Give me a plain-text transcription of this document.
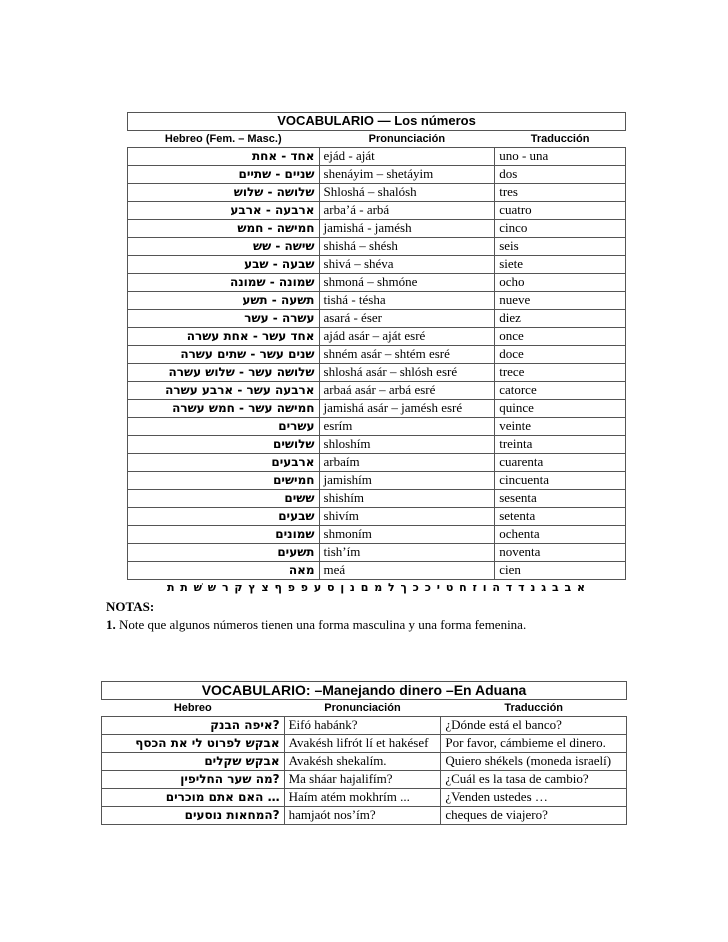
VOCABULARIO — Los números		
Hebreo (Fem. – Masc.)	Pronunciación	Traducción
אחד - אחת	ejád - aját	uno - una
שניים - שתיים	shenáyim – shetáyim	dos
שלושה - שלוש	Shloshá – shalósh	tres
ארבעה - ארבע	arba’á - arbá	cuatro
חמישה - חמש	jamishá - jamésh	cinco
שישה - שש	shishá – shésh	seis
שבעה - שבע	shivá – shéva	siete
שמונה - שמונה	shmoná – shmóne	ocho
תשעה - תשע	tishá - tésha	nueve
עשרה - עשר	asará - éser	diez
אחד עשר - אחת עשרה	ajád asár – aját esré	once
שנים עשר - שתים עשרה	shném asár – shtém esré	doce
שלושה עשר - שלוש עשרה	shloshá asár – shlósh esré	trece
ארבעה עשר - ארבע עשרה	arbaá asár – arbá esré	catorce
חמישה עשר - חמש עשרה	jamishá asár – jamésh esré	quince
עשרים	esrím	veinte
שלושים	shloshím	treinta
ארבעים	arbaím	cuarenta
חמישים	jamishím	cincuenta
ששים	shishím	sesenta
שבעים	shivím	setenta
שמונים	shmoním	ochenta
תשעים	tish’ím	noventa
מאה	meá	cien
א ב ב ג נ ד ד ה ו ז ח ט י כ כ ך ל מ ם נ ן ס ע פ פ ף צ ץ ק ר ש שׁ ת ת		
NOTAS:
1. Note que algunos números tienen una forma masculina y una forma femenina.
VOCABULARIO: –Manejando dinero –En Aduana		
Hebreo	Pronunciación	Traducción
?איפה הבנק	Eifó habánk?	¿Dónde está el banco?
אבקש לפרוט לי את הכסף	Avakésh lifrót lí et hakésef	Por favor, cámbieme el dinero.
אבקש שקלים	Avakésh shekalím.	Quiero shékels (moneda israelí)
?מה שער החליפין	Ma sháar hajalifím?	¿Cuál es la tasa de cambio?
… האם אתם מוכרים	Haím atém mokhrím ...	¿Venden ustedes …
?המחאות נוסעים	hamjaót nos’ím?	cheques de viajero?
